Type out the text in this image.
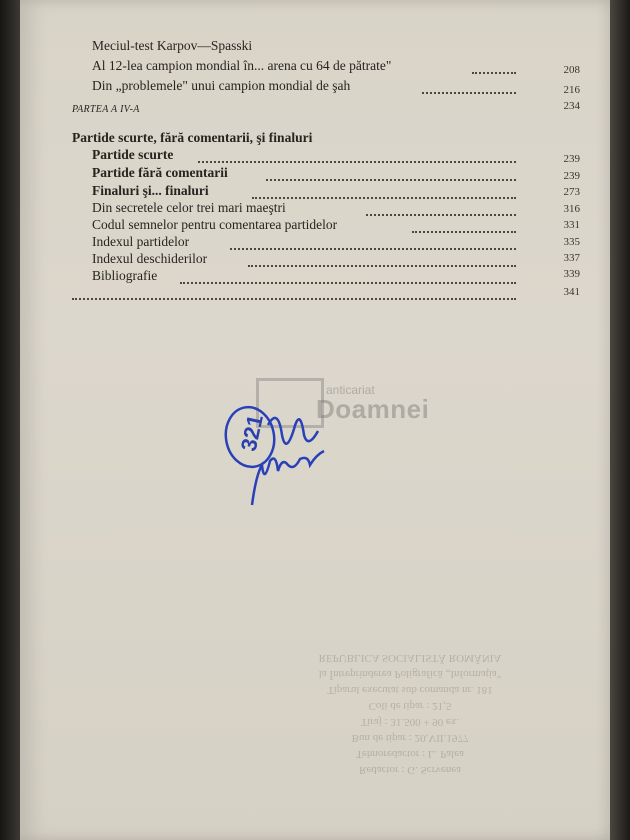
Meciul-test Karpov—Spasski
Al 12-lea campion mondial în... arena cu 64 de pătrate"	208
Din „problemele" unui campion mondial de şah	216
PARTEA A IV-A	234
Partide scurte, fără comentarii, şi finaluri
Partide scurte	239
Partide fără comentarii	239
Finaluri şi... finaluri	273
Din secretele celor trei mari maeştri	316
Codul semnelor pentru comentarea partidelor	331
Indexul partidelor	335
Indexul deschiderilor	337
Bibliografie	339
341
anticariat
Doamnei
321
Redactor : G. Scrvenea
Tehnoredactor : L. Palea
Bun de tipar : 20.VII.1977
Tiraj : 31.500 + 90 ex.
Coli de tipar : 21,5
Tiparul executat sub comanda nr. 181
la Întreprinderea Poligrafică „Informaţia"
REPUBLICA SOCIALISTĂ ROMÂNIA
